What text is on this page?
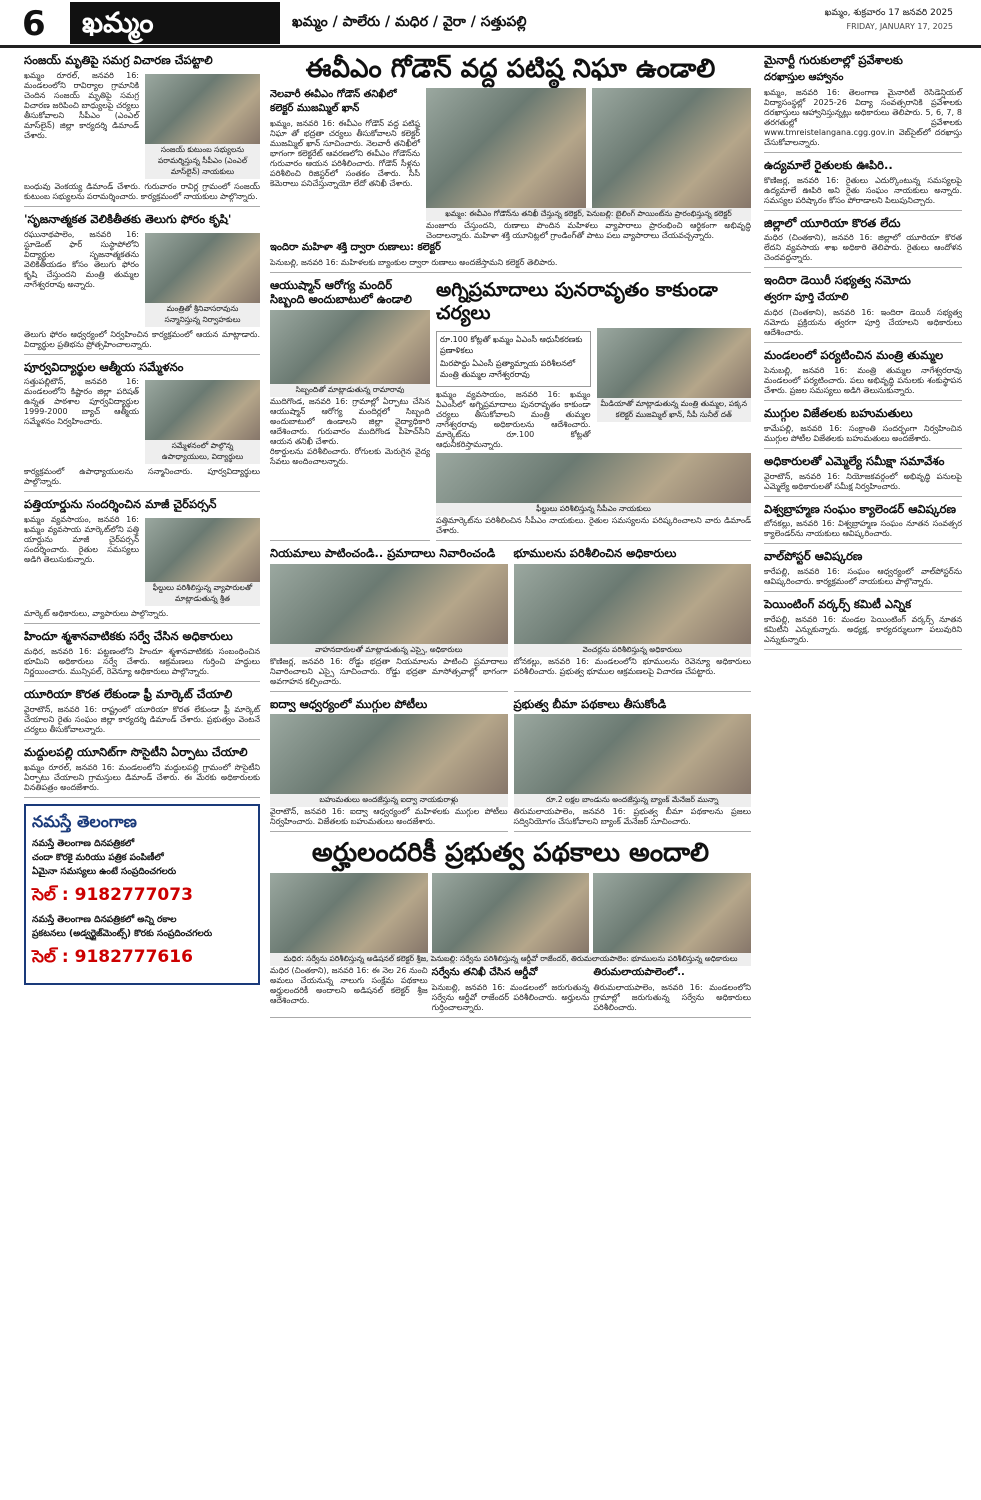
6	ఖమ్మం	ఖమ్మం / పాలేరు / మధిర / వైరా / సత్తుపల్లి
ఖమ్మం, శుక్రవారం 17 జనవరి 2025
FRIDAY, JANUARY 17, 2025
సంజయ్ మృతిపై సమగ్ర విచారణ చేపట్టాలి
ఖమ్మం రూరల్, జనవరి 16: మండలంలోని రావిర్యాల గ్రామానికి చెందిన సంజయ్ మృతిపై సమగ్ర విచారణ జరిపించి బాధ్యులపై చర్యలు తీసుకోవాలని సీపీఎం (ఎంఎల్ మాస్‌లైన్) జిల్లా కార్యదర్శి డిమాండ్ చేశారు.
సంజయ్ కుటుంబ సభ్యులను పరామర్శిస్తున్న సీపీఎం (ఎంఎల్ మాస్‌లైన్) నాయకులు
బంధువు వెంకయ్య డిమాండ్ చేశారు. గురువారం రావిర్ల గ్రామంలో సంజయ్ కుటుంబ సభ్యులను పరామర్శించారు. కార్యక్రమంలో నాయకులు పాల్గొన్నారు.
'సృజనాత్మకత వెలికితీతకు తెలుగు ఫోరం కృషి'
రఘునాథపాలెం, జనవరి 16: స్టూడెంట్ ఫార్ సుస్థాపోలోని విద్యార్థుల సృజనాత్మకతను వెలికితీయడం కోసం తెలుగు ఫోరం కృషి చేస్తుందని మంత్రి తుమ్మల నాగేశ్వరరావు అన్నారు.
మంత్రితో శ్రీనివాసరావును సన్మానిస్తున్న నిర్వాహకులు
తెలుగు ఫోరం ఆధ్వర్యంలో నిర్వహించిన కార్యక్రమంలో ఆయన మాట్లాడారు. విద్యార్థుల ప్రతిభను ప్రోత్సహించాలన్నారు.
పూర్వవిద్యార్థుల ఆత్మీయ సమ్మేళనం
సత్తుపల్లిటౌన్, జనవరి 16: మండలంలోని కిష్టారం జిల్లా పరిషత్ ఉన్నత పాఠశాల పూర్వవిద్యార్థుల 1999-2000 బ్యాచ్ ఆత్మీయ సమ్మేళనం నిర్వహించారు.
సమ్మేళనంలో పాల్గొన్న ఉపాధ్యాయులు, విద్యార్థులు
కార్యక్రమంలో ఉపాధ్యాయులను సన్మానించారు. పూర్వవిద్యార్థులు పాల్గొన్నారు.
పత్తియార్డును సందర్శించిన మాజీ చైర్‌పర్సన్
ఖమ్మం వ్యవసాయం, జనవరి 16: ఖమ్మం వ్యవసాయ మార్కెట్‌లోని పత్తి యార్డును మాజీ చైర్‌పర్సన్ సందర్శించారు. రైతుల సమస్యలు అడిగి తెలుసుకున్నారు.
ఫీల్డులు పరిశీలిస్తున్న వ్యాపారులతో మాట్లాడుతున్న శ్రీత
మార్కెట్ అధికారులు, వ్యాపారులు పాల్గొన్నారు.
హిందూ శ్మశానవాటికకు సర్వే చేసిన అధికారులు
మధిర, జనవరి 16: పట్టణంలోని హిందూ శ్మశానవాటికకు సంబంధించిన భూమిని అధికారులు సర్వే చేశారు. ఆక్రమణలు గుర్తించి హద్దులు నిర్ణయించారు. మున్సిపల్, రెవెన్యూ అధికారులు పాల్గొన్నారు.
యూరియా కొరత లేకుండా ఫ్రీ మార్కెట్ చేయాలి
వైరాటౌన్, జనవరి 16: రాష్ట్రంలో యూరియా కొరత లేకుండా ఫ్రీ మార్కెట్ చేయాలని రైతు సంఘం జిల్లా కార్యదర్శి డిమాండ్ చేశారు. ప్రభుత్వం వెంటనే చర్యలు తీసుకోవాలన్నారు.
మద్దులపల్లి యూనిట్‌గా సొసైటీని ఏర్పాటు చేయాలి
ఖమ్మం రూరల్, జనవరి 16: మండలంలోని మద్దులపల్లి గ్రామంలో సొసైటీని ఏర్పాటు చేయాలని గ్రామస్తులు డిమాండ్ చేశారు. ఈ మేరకు అధికారులకు వినతిపత్రం అందజేశారు.
నమస్తే తెలంగాణ
నమస్తే తెలంగాణ దినపత్రికలో
చందా కొరకై మరియు పత్రిక పంపిణీలో
ఏమైనా సమస్యలు ఉంటే సంప్రదించగలరు
సెల్ : 9182777073
నమస్తే తెలంగాణ దినపత్రికలో అన్ని రకాల
ప్రకటనలు (అడ్వర్టైజ్‌మెంట్స్) కొరకు సంప్రదించగలరు
సెల్ : 9182777616
ఈవీఎం గోడౌన్ వద్ద పటిష్ఠ నిఘా ఉండాలి
నెలవారీ ఈవీఎం గోడౌన్ తనిఖీలో కలెక్టర్ ముజమ్మిల్ ఖాన్
ఖమ్మం, జనవరి 16: ఈవీఎం గోడౌన్ వద్ద పటిష్ఠ నిఘా తో భద్రతా చర్యలు తీసుకోవాలని కలెక్టర్ ముజమ్మిల్ ఖాన్ సూచించారు. నెలవారీ తనిఖీలో భాగంగా కలెక్టరేట్ ఆవరణలోని ఈవీఎం గోడౌన్‌ను గురువారం ఆయన పరిశీలించారు. గోడౌన్ సీళ్లను పరిశీలించి రిజిస్టర్‌లో సంతకం చేశారు. సీసీ కెమెరాలు పనిచేస్తున్నాయో లేదో తనిఖీ చేశారు.
ఖమ్మం: ఈవీఎం గోడౌన్‌ను తనిఖీ చేస్తున్న కలెక్టర్, పెనుబల్లి: బైలింగ్ పాయింట్‌ను ప్రారంభిస్తున్న కలెక్టర్
మంజూరు చేస్తుందని, రుణాలు పొందిన మహిళలు వ్యాపారాలు ప్రారంభించి ఆర్థికంగా అభివృద్ధి చెందాలన్నారు. మహిళా శక్తి యూనిట్లలో గ్రాండింగ్‌తో పాటు పలు వ్యాపారాలు చేయవచ్చన్నారు.
ఇందిరా మహిళా శక్తి ద్వారా రుణాలు: కలెక్టర్
పెనుబల్లి, జనవరి 16: మహిళలకు బ్యాంకుల ద్వారా రుణాలు అందజేస్తామని కలెక్టర్ తెలిపారు.
ఆయుష్మాన్ ఆరోగ్య మందిర్ సిబ్బంది అందుబాటులో ఉండాలి
సిబ్బందితో మాట్లాడుతున్న రామారావు
ముదిగొండ, జనవరి 16: గ్రామాల్లో ఏర్పాటు చేసిన ఆయుష్మాన్ ఆరోగ్య మందిర్లలో సిబ్బంది అందుబాటులో ఉండాలని జిల్లా వైద్యాధికారి ఆదేశించారు. గురువారం ముదిగొండ పీహెచ్‌సీని ఆయన తనిఖీ చేశారు.
రికార్డులను పరిశీలించారు. రోగులకు మెరుగైన వైద్య సేవలు అందించాలన్నారు.
అగ్నిప్రమాదాలు పునరావృతం కాకుండా చర్యలు
రూ.100 కోట్లతో ఖమ్మం ఏఎంసీ ఆధునీకరణకు ప్రణాళికలు
మిరపొద్దు ఏఎంసీ ప్రత్యామ్నాయ పరిశీలనలో మంత్రి తుమ్మల నాగేశ్వరరావు
ఖమ్మం వ్యవసాయం, జనవరి 16: ఖమ్మం ఏఎంసీలో అగ్నిప్రమాదాలు పునరావృతం కాకుండా చర్యలు తీసుకోవాలని మంత్రి తుమ్మల నాగేశ్వరరావు అధికారులను ఆదేశించారు. మార్కెట్‌ను రూ.100 కోట్లతో ఆధునీకరిస్తామన్నారు.
మీడియాతో మాట్లాడుతున్న మంత్రి తుమ్మల, పక్కన కలెక్టర్ ముజమ్మిల్ ఖాన్, సీపీ సునీల్ దత్
ఫీల్డులు పరిశీలిస్తున్న సీపీఎం నాయకులు
పత్తిమార్కెట్‌ను పరిశీలించిన సీపీఎం నాయకులు. రైతుల సమస్యలను పరిష్కరించాలని వారు డిమాండ్ చేశారు.
నియమాలు పాటించండి.. ప్రమాదాలు నివారించండి
వాహనదారులతో మాట్లాడుతున్న ఎస్సై, అధికారులు
కొణిజర్ల, జనవరి 16: రోడ్డు భద్రతా నియమాలను పాటించి ప్రమాదాలు నివారించాలని ఎస్సై సూచించారు. రోడ్డు భద్రతా మాసోత్సవాల్లో భాగంగా అవగాహన కల్పించారు.
భూములను పరిశీలించిన అధికారులు
వెంచర్లను పరిశీలిస్తున్న అధికారులు
బోనకల్లు, జనవరి 16: మండలంలోని భూములను రెవెన్యూ అధికారులు పరిశీలించారు. ప్రభుత్వ భూముల ఆక్రమణలపై విచారణ చేపట్టారు.
ఐద్వా ఆధ్వర్యంలో ముగ్గుల పోటీలు
బహుమతులు అందజేస్తున్న ఐద్వా నాయకురాళ్లు
వైరాటౌన్, జనవరి 16: ఐద్వా ఆధ్వర్యంలో మహిళలకు ముగ్గుల పోటీలు నిర్వహించారు. విజేతలకు బహుమతులు అందజేశారు.
ప్రభుత్వ బీమా పథకాలు తీసుకోండి
రూ.2 లక్షల బాండును అందజేస్తున్న బ్యాంక్ మేనేజర్ మున్నా
తిరుమలాయపాలెం, జనవరి 16: ప్రభుత్వ బీమా పథకాలను ప్రజలు సద్వినియోగం చేసుకోవాలని బ్యాంక్ మేనేజర్ సూచించారు.
అర్హులందరికీ ప్రభుత్వ పథకాలు అందాలి
మధిర: సర్వేను పరిశీలిస్తున్న అడిషనల్ కలెక్టర్ శ్రీజ, పెనుబల్లి: సర్వేను పరిశీలిస్తున్న ఆర్డీవో రాజేందర్, తిరుమలాయపాలెం: భూములను పరిశీలిస్తున్న అధికారులు
మధిర (చింతకాని), జనవరి 16: ఈ నెల 26 నుంచి అమలు చేయనున్న నాలుగు సంక్షేమ పథకాలు అర్హులందరికీ అందాలని అడిషనల్ కలెక్టర్ శ్రీజ ఆదేశించారు.
సర్వేను తనిఖీ చేసిన ఆర్డీవో
పెనుబల్లి, జనవరి 16: మండలంలో జరుగుతున్న సర్వేను ఆర్డీవో రాజేందర్ పరిశీలించారు. అర్హులను గుర్తించాలన్నారు.
తిరుమలాయపాలెంలో..
తిరుమలాయపాలెం, జనవరి 16: మండలంలోని గ్రామాల్లో జరుగుతున్న సర్వేను అధికారులు పరిశీలించారు.
మైనార్టీ గురుకులాల్లో ప్రవేశాలకు
దరఖాస్తుల ఆహ్వానం
ఖమ్మం, జనవరి 16: తెలంగాణ మైనారిటీ రెసిడెన్షియల్ విద్యాసంస్థల్లో 2025-26 విద్యా సంవత్సరానికి ప్రవేశాలకు దరఖాస్తులు ఆహ్వానిస్తున్నట్లు అధికారులు తెలిపారు. 5, 6, 7, 8 తరగతుల్లో ప్రవేశాలకు www.tmreistelangana.cgg.gov.in వెబ్‌సైట్‌లో దరఖాస్తు చేసుకోవాలన్నారు.
ఉద్యమాలే రైతులకు ఊపిరి..
కొణిజర్ల, జనవరి 16: రైతులు ఎదుర్కొంటున్న సమస్యలపై ఉద్యమాలే ఊపిరి అని రైతు సంఘం నాయకులు అన్నారు. సమస్యల పరిష్కారం కోసం పోరాడాలని పిలుపునిచ్చారు.
జిల్లాలో యూరియా కొరత లేదు
మధిర (చింతకాని), జనవరి 16: జిల్లాలో యూరియా కొరత లేదని వ్యవసాయ శాఖ అధికారి తెలిపారు. రైతులు ఆందోళన చెందవద్దన్నారు.
ఇందిరా డెయిరీ సభ్యత్వ నమోదు
త్వరగా పూర్తి చేయాలి
మధిర (చింతకాని), జనవరి 16: ఇందిరా డెయిరీ సభ్యత్వ నమోదు ప్రక్రియను త్వరగా పూర్తి చేయాలని అధికారులు ఆదేశించారు.
మండలంలో పర్యటించిన మంత్రి తుమ్మల
పెనుబల్లి, జనవరి 16: మంత్రి తుమ్మల నాగేశ్వరరావు మండలంలో పర్యటించారు. పలు అభివృద్ధి పనులకు శంకుస్థాపన చేశారు. ప్రజల సమస్యలు అడిగి తెలుసుకున్నారు.
ముగ్గుల విజేతలకు బహుమతులు
కామేపల్లి, జనవరి 16: సంక్రాంతి సందర్భంగా నిర్వహించిన ముగ్గుల పోటీల విజేతలకు బహుమతులు అందజేశారు.
అధికారులతో ఎమ్మెల్యే సమీక్షా సమావేశం
వైరాటౌన్, జనవరి 16: నియోజకవర్గంలో అభివృద్ధి పనులపై ఎమ్మెల్యే అధికారులతో సమీక్ష నిర్వహించారు.
విశ్వబ్రాహ్మణ సంఘం క్యాలెండర్ ఆవిష్కరణ
బోనకల్లు, జనవరి 16: విశ్వబ్రాహ్మణ సంఘం నూతన సంవత్సర క్యాలెండర్‌ను నాయకులు ఆవిష్కరించారు.
వాల్‌పోస్టర్ ఆవిష్కరణ
కారేపల్లి, జనవరి 16: సంఘం ఆధ్వర్యంలో వాల్‌పోస్టర్‌ను ఆవిష్కరించారు. కార్యక్రమంలో నాయకులు పాల్గొన్నారు.
పెయింటింగ్ వర్కర్స్ కమిటీ ఎన్నిక
కారేపల్లి, జనవరి 16: మండల పెయింటింగ్ వర్కర్స్ నూతన కమిటీని ఎన్నుకున్నారు. అధ్యక్ష, కార్యదర్శులుగా పలువురిని ఎన్నుకున్నారు.
